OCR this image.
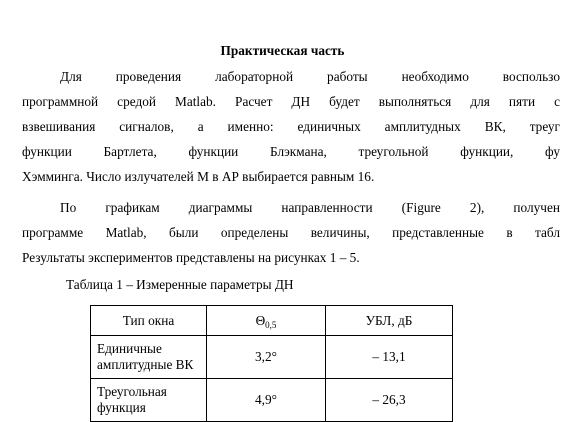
Практическая часть
Для проведения лабораторной работы необходимо воспользо
программной средой Matlab. Расчет ДН будет выполняться для пяти с
взвешивания сигналов, а именно: единичных амплитудных ВК, треуг
функции Бартлета, функции Блэкмана, треугольной функции, фу
Хэмминга. Число излучателей М в АР выбирается равным 16.
По графикам диаграммы направленности (Figure 2), получен
программе Matlab, были определены величины, представленные в табл
Результаты экспериментов представлены на рисунках 1 – 5.
Таблица 1 – Измеренные параметры ДН
Тип окна	$\Theta_{0,5}$	УБЛ, дБ
Единичные
амплитудные ВК	3,2°	– 13,1
Треугольная
функция	4,9°	– 26,3
